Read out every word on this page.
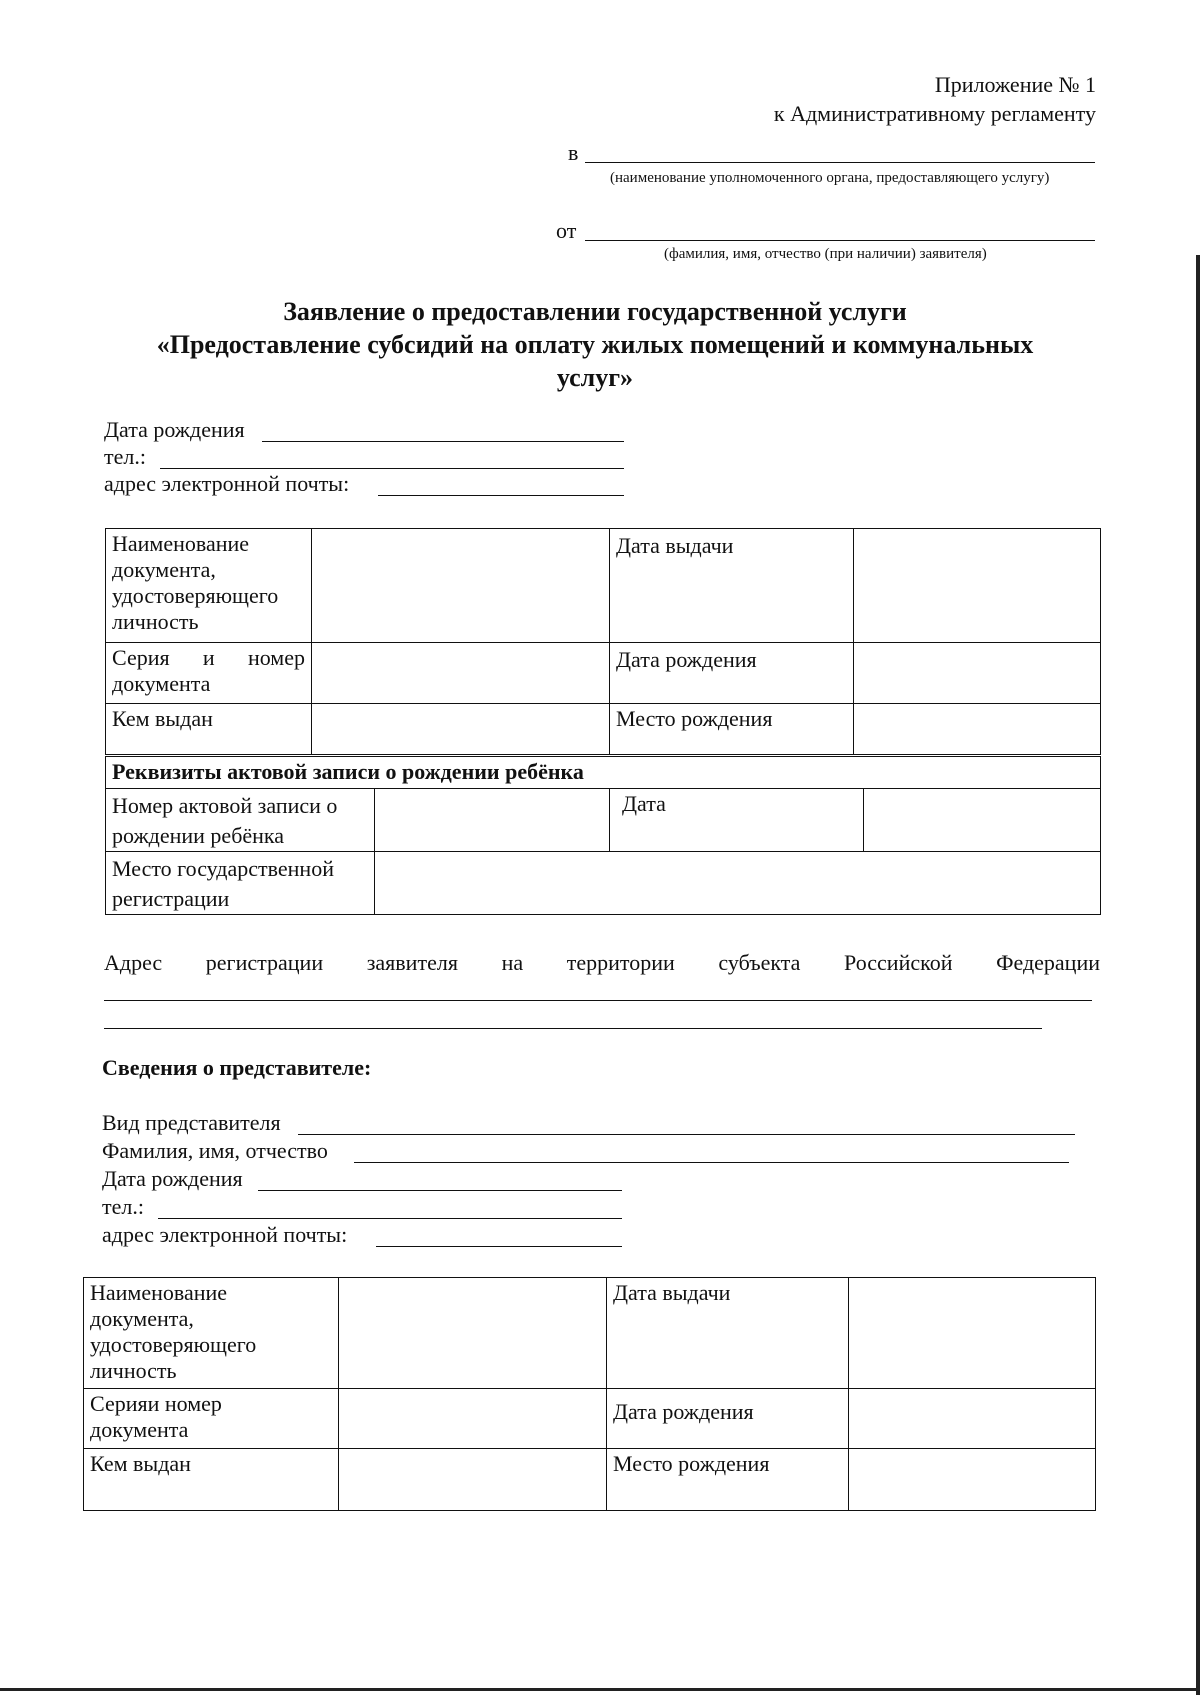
Приложение № 1
к Административному регламенту
в
(наименование уполномоченного органа, предоставляющего услугу)
от
(фамилия, имя, отчество (при наличии) заявителя)
Заявление о предоставлении государственной услуги
«Предоставление субсидий на оплату жилых помещений и коммунальных
услуг»
Дата рождения
тел.:
адрес электронной почты:
Наименование документа, удостоверяющего личность		Дата выдачи	
Серия и номер документа		Дата рождения	
Кем выдан		Место рождения	
Реквизиты актовой записи о рождении ребёнка			
Номер актовой записи о рождении ребёнка		Дата	
Место государственной регистрации			
Адрес регистрации заявителя на территории субъекта Российской Федерации
Сведения о представителе:
Вид представителя
Фамилия, имя, отчество
Дата рождения
тел.:
адрес электронной почты:
Наименование документа, удостоверяющего личность		Дата выдачи	
Серияи номер документа		Дата рождения	
Кем выдан		Место рождения	
